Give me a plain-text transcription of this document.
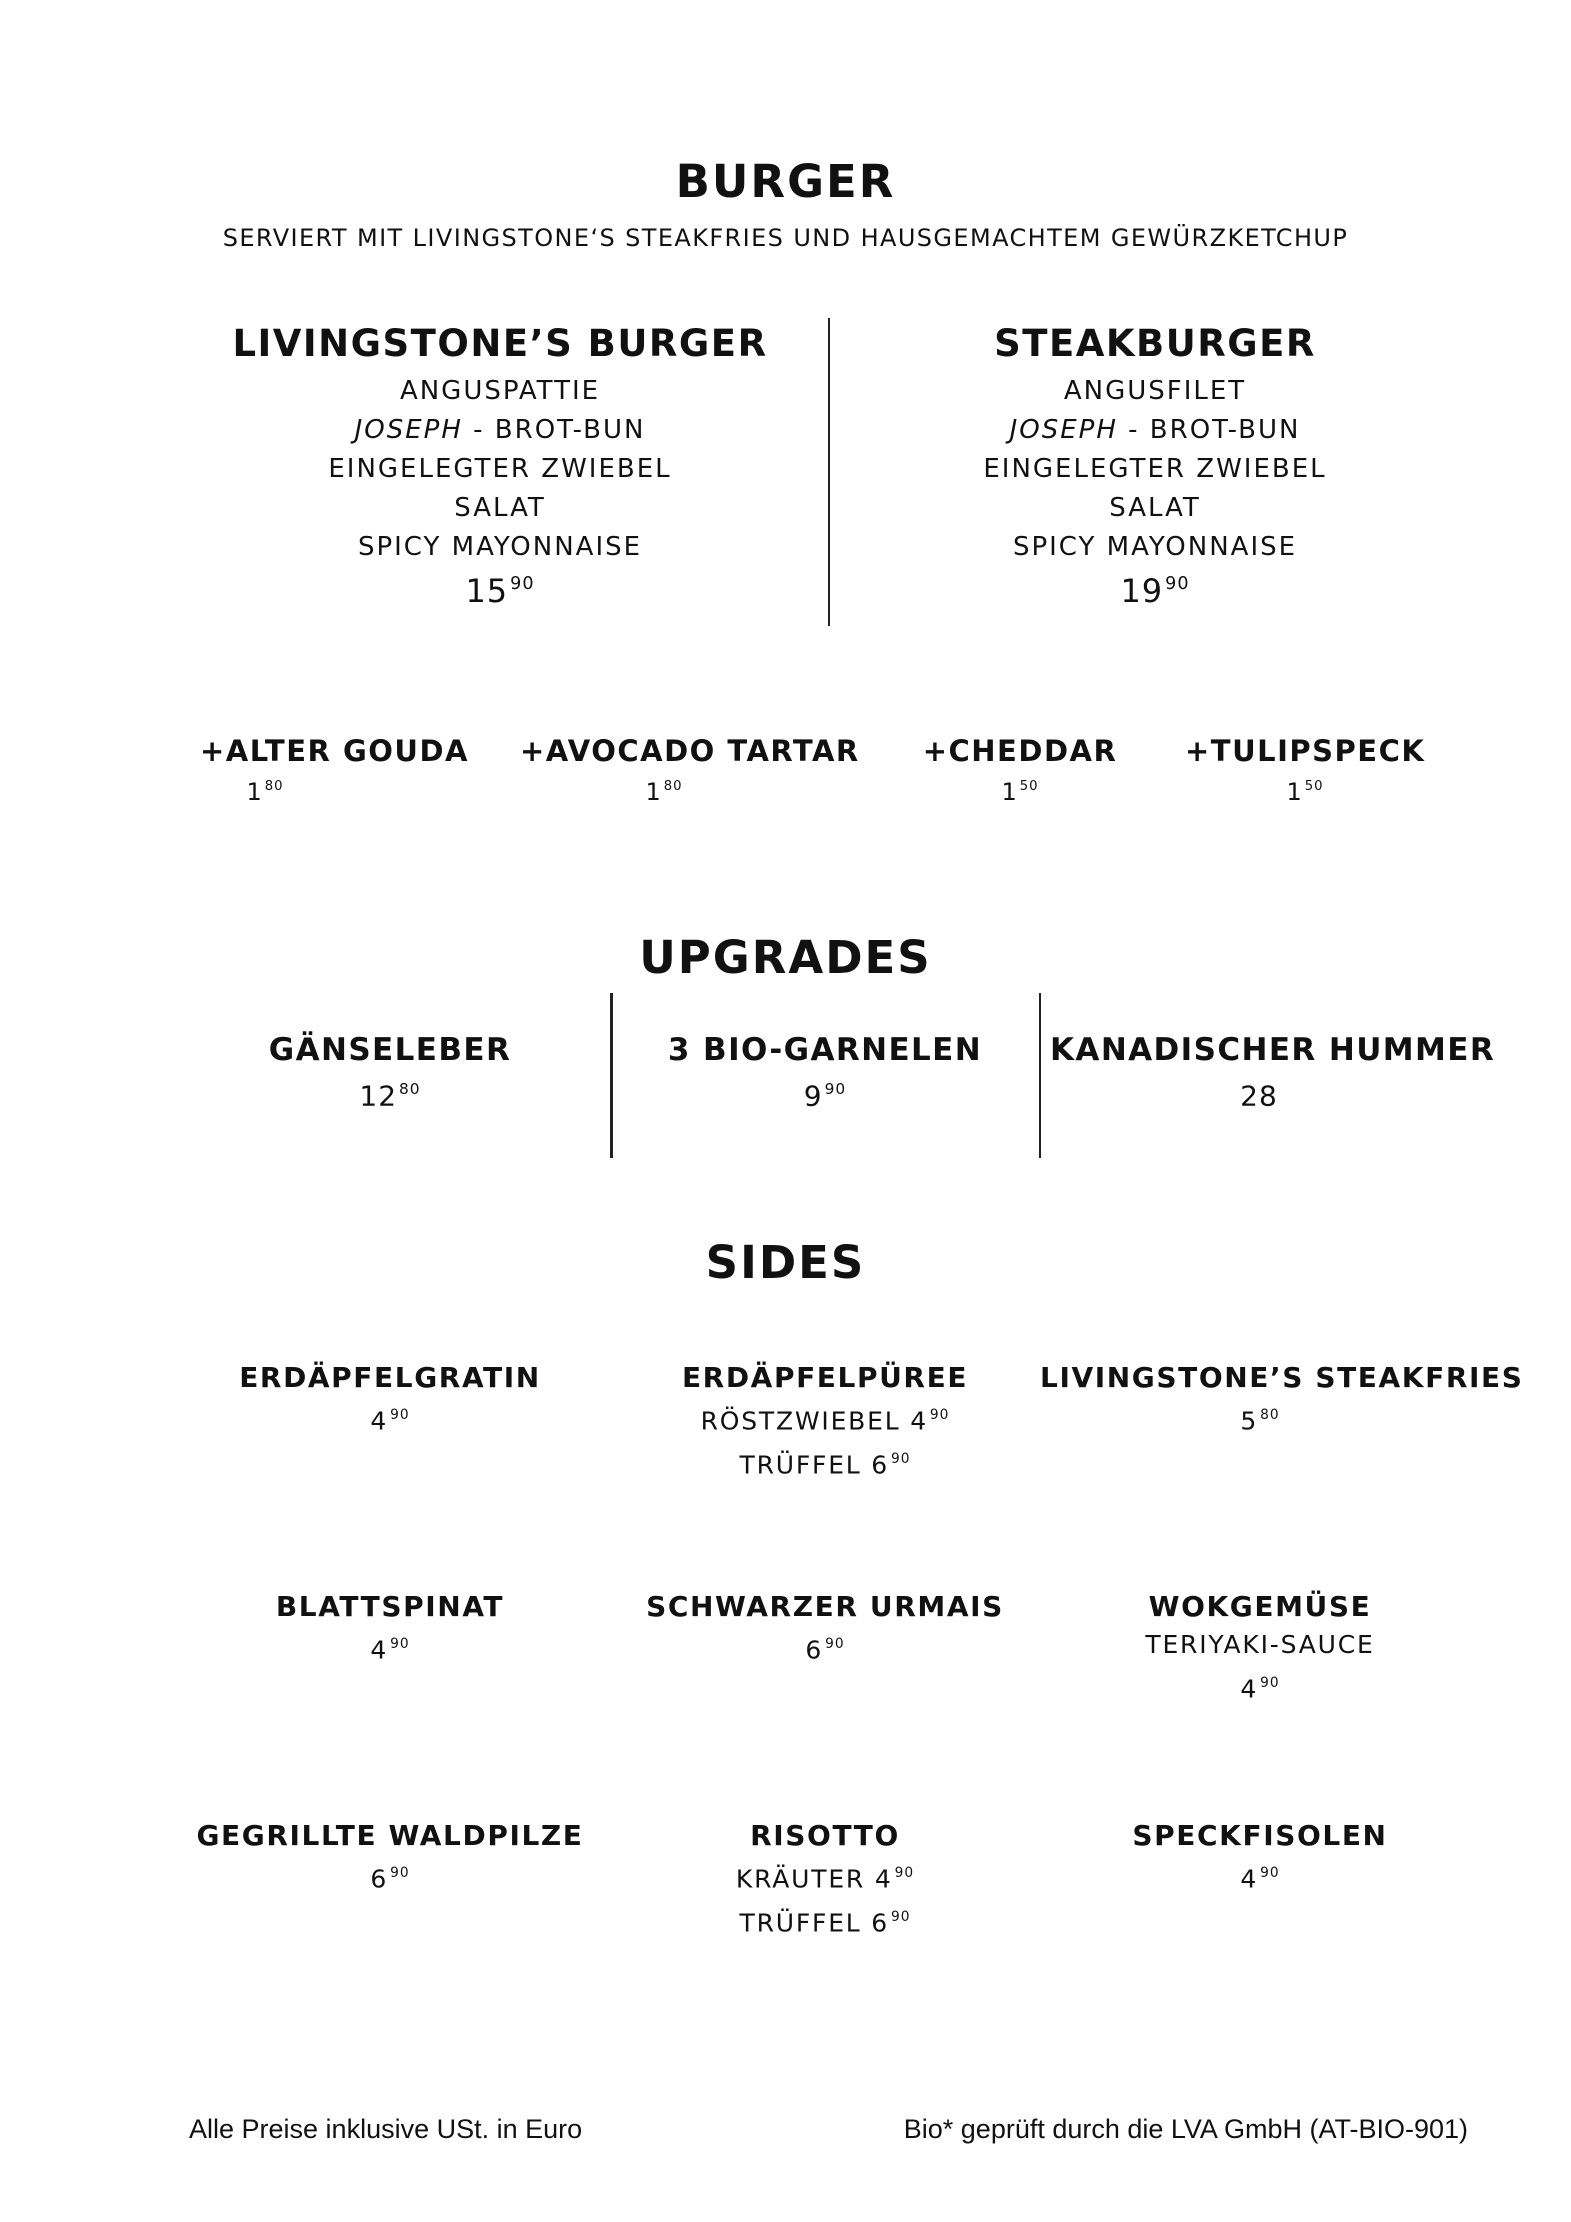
BURGER
SERVIERT MIT LIVINGSTONE‘S STEAKFRIES UND HAUSGEMACHTEM GEWÜRZKETCHUP
LIVINGSTONE’S BURGER
ANGUSPATTIE
JOSEPH - BROT-BUN
EINGELEGTER ZWIEBEL
SALAT
SPICY MAYONNAISE
15 $^{90}$
STEAKBURGER
ANGUSFILET
JOSEPH - BROT-BUN
EINGELEGTER ZWIEBEL
SALAT
SPICY MAYONNAISE
19 $^{90}$
+ALTER GOUDA
1 $^{80}$
+AVOCADO TARTAR
1 $^{80}$
+CHEDDAR
1 $^{50}$
+TULIPSPECK
1 $^{50}$
UPGRADES
GÄNSELEBER
12 $^{80}$
3 BIO-GARNELEN
9 $^{90}$
KANADISCHER HUMMER
28
SIDES
ERDÄPFELGRATIN
4 $^{90}$
ERDÄPFELPÜREE
RÖSTZWIEBEL 4 $^{90}$
TRÜFFEL 6 $^{90}$
LIVINGSTONE’S STEAKFRIES
5 $^{80}$
BLATTSPINAT
4 $^{90}$
SCHWARZER URMAIS
6 $^{90}$
WOKGEMÜSE
TERIYAKI-SAUCE
4 $^{90}$
GEGRILLTE WALDPILZE
6 $^{90}$
RISOTTO
KRÄUTER 4 $^{90}$
TRÜFFEL 6 $^{90}$
SPECKFISOLEN
4 $^{90}$
Alle Preise inklusive USt. in Euro	Bio* geprüft durch die LVA GmbH (AT-BIO-901)
